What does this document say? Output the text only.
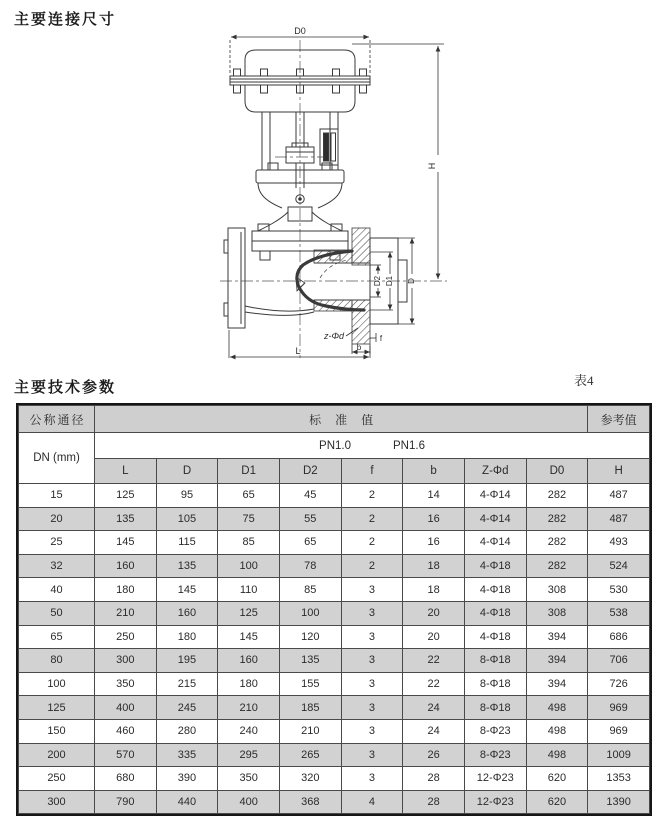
主要连接尺寸
D0
H
D2 D1 D
z-Φd
b
f
L
主要技术参数	表4
公称通径	标准值								参考值
DN (mm)	PN1.0 PN1.6								
	L	D	D1	D2	f	b	Z-Φd	D0	H
15	125	95	65	45	2	14	4-Φ14	282	487
20	135	105	75	55	2	16	4-Φ14	282	487
25	145	115	85	65	2	16	4-Φ14	282	493
32	160	135	100	78	2	18	4-Φ18	282	524
40	180	145	110	85	3	18	4-Φ18	308	530
50	210	160	125	100	3	20	4-Φ18	308	538
65	250	180	145	120	3	20	4-Φ18	394	686
80	300	195	160	135	3	22	8-Φ18	394	706
100	350	215	180	155	3	22	8-Φ18	394	726
125	400	245	210	185	3	24	8-Φ18	498	969
150	460	280	240	210	3	24	8-Φ23	498	969
200	570	335	295	265	3	26	8-Φ23	498	1009
250	680	390	350	320	3	28	12-Φ23	620	1353
300	790	440	400	368	4	28	12-Φ23	620	1390
